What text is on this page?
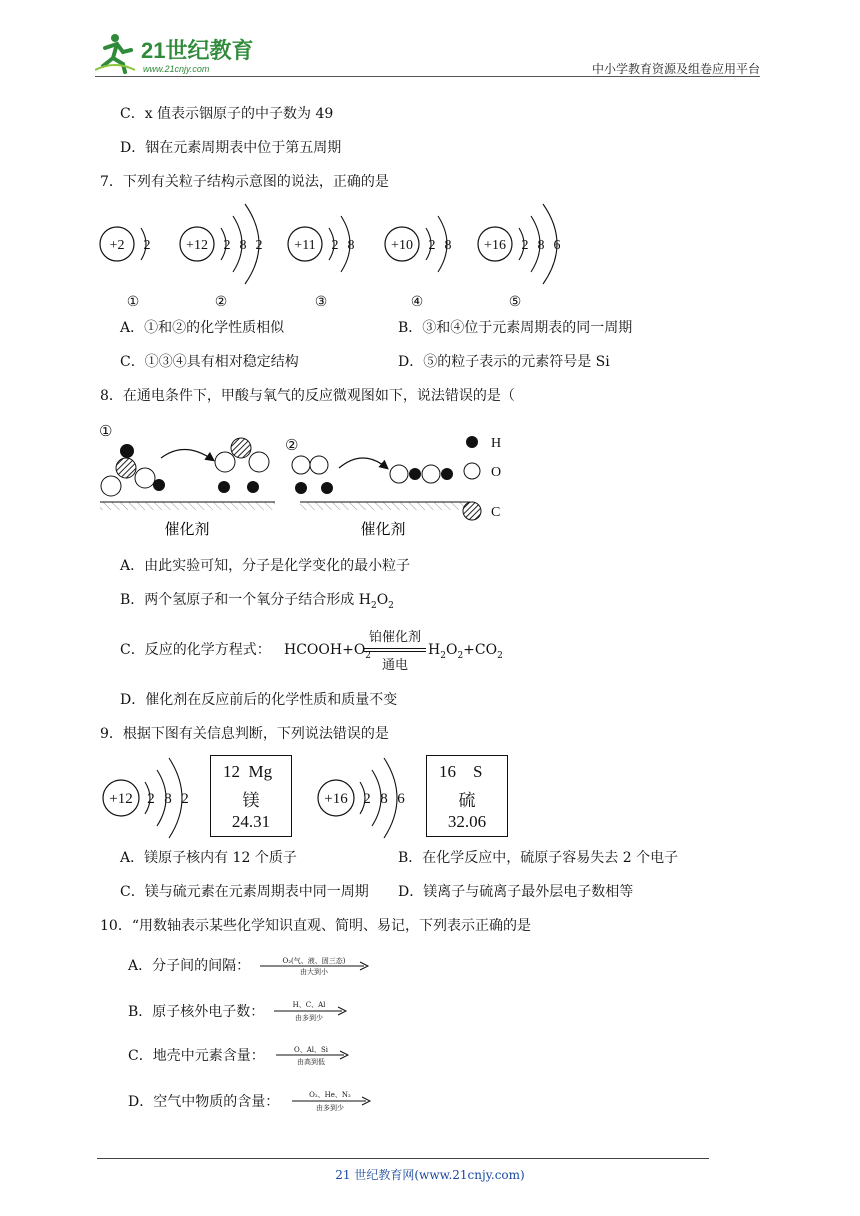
21世纪教育
www.21cnjy.com	中小学教育资源及组卷应用平台
C．x 值表示铟原子的中子数为 49
D．铟在元素周期表中位于第五周期
7．下列有关粒子结构示意图的说法，正确的是
+2 2
①
+12 2 8 2
②
+11 2 8
③
+10 2 8
④
+16 2 8 6
⑤
A．①和②的化学性质相似	B．③和④位于元素周期表的同一周期
C．①③④具有相对稳定结构	D．⑤的粒子表示的元素符号是 Si
8．在通电条件下，甲酸与氧气的反应微观图如下，说法错误的是（
①
②
催化剂	催化剂
H
O
C
A．由此实验可知，分子是化学变化的最小粒子
B．两个氢原子和一个氧分子结合形成 $H_2O_2$
C．反应的化学方程式： $HCOOH+O_2$
铂催化剂
通电
$H_2O_2+CO_2$
D．催化剂在反应前后的化学性质和质量不变
9．根据下图有关信息判断，下列说法错误的是
+12 2 8 2
12 Mg
镁
24.31
+16 2 8 6
16 S
硫
32.06
A．镁原子核内有 12 个质子	B．在化学反应中，硫原子容易失去 2 个电子
C．镁与硫元素在元素周期表中同一周期 D．镁离子与硫离子最外层电子数相等
10．“用数轴表示某些化学知识直观、简明、易记，下列表示正确的是
A．分子间的间隔：	O₂(气、液、固三态)
由大到小
B．原子核外电子数：	H、C、Al
由多到少
C．地壳中元素含量：	O、Al、Si
由高到低
D．空气中物质的含量：	O₂、He、N₂
由多到少
21 世纪教育网(www.21cnjy.com)
